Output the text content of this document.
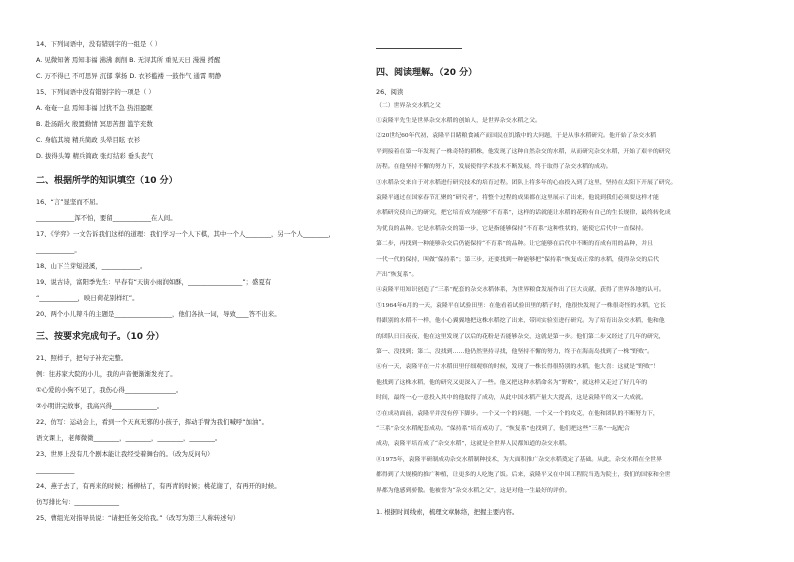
14、下列词语中，没有错别字的一组是（ ）
A. 见微知著 焉知非福 沸沸 刹削 B. 无浔其所 重见天日 漫漫 捋醒
C. 万不得已 不可思异 沉郁 掌扬 D. 衣衫褴褛 一鼓作气 通霄 明静
15、下列词语中没有错别字的一项是（ ）
A. 奄奄一息 焉知非福 过犹不急 热泪盈眶
B. 赴汤蹈火 殷置勤情 冥思苦想 滥竽充数
C. 身临其境 精兵简政 头晕目眩 衣衫
D. 拔得头筹 精兵简政 张灯结彩 垂头丧气
二、根据所学的知识填空（10 分）
16、“言”显坚而不屈。
____________浑不怕，要留____________在人间。
17、《学弈》一文告诉我们这样的道理：我们学习一个人下棋，其中一个人________，另一个人________，
____________。
18、山下兰芽短浸溪，____________。
19、说古诗，富阳季先生：早春有“天街小雨润如酥，_________________”；盛夏有
“____________，映日荷花别样红”。
20、两个小儿辩斗的主题是__________________，他们各执一词，导致____答不出来。
三、按要求完成句子。（10 分）
21、照样子，把句子补充完整。
例：往苏家大院的小儿，我的声音便渐渐发亮了。
①心爱的小狗不见了，我伤心得________________。
②小明讲完故事，我高兴得______________。
22、仿写：运动会上，看到一个天真无邪的小孩子，挥动手臂为我们喊呼“加油”。
语文课上，老师微微________，________，________，________。
23、世界上没有几个剧本能让我经受着舞台的。（改为反问句）
____________
24、燕子去了，有再来的时候；杨柳枯了，有再青的时候；桃花谢了，有再开的时候。
仿写排比句：______________
25、曹组光对指导员说：“请把任务交给我。”（改写为第三人称转述句）
四、阅读理解。（20 分）
26、阅读
（二）世界杂交水稻之父
①袁隆平先生是世界杂交水稻的创始人，是世界杂交水稻之父。
②20世纪60年代初，袁隆平目睹粮食减产而国民在饥饿中的大问题，于是从事水稻研究。他开始了杂交水稻
平到接着在第一年发现了一株奇特的稻株，他发现了这种自然杂交的水稻，从而研究杂交水稻，开始了艰辛的研究
历程。在他坚持不懈的努力下，发展使得学术技术不断发展，终于取得了杂交水稻的成功。
③水稻杂交来自于对水稻进行研究技术的培育过程。团队上将多年的心血投入到了这里，坚持在太阳下开展了研究。
袁隆平通过在国家春节汇聚的“研究者”，将整个过程的成果都在这里展示了出来，他说到我们必须要这样才能
水稻研究使自己的研究，把它培育成为能够“不育系”，这样的话就能让水稻的花粉有自己的生长规律，最终转化成
为优良的品种。它是水稻杂交的第一步，它是指能够保持“不育系”这种性状的，能使它后代中一直保持。
第二步，再找到一种能够杂交后仍能保持“不育系”的品种。让它能够在后代中不断的育成有用的品种，并且
一代一代的保持，叫做“保持系”；第三步，还要找到一种能够把“保持系”恢复成正常的水稻，使得杂交的后代
产出“恢复系”。
④袁隆平用知识创造了“三系”配套的杂交水稻体系，为世界粮食发展作出了巨大贡献，获得了世界各地的认可。
⑤1964年6月的一天，袁隆平在试验田里：在他看着试验田里的稻子时，他很快发现了一株很奇怪的水稻，它长
得跟别的水稻不一样，他小心翼翼地把这株水稻挖了出来，带回实验室进行研究。为了培育出杂交水稻，他和他
的团队日日夜夜，他在这里发现了以后的花粉是否能够杂交，这就是第一步。他们第二步又经过了几年的研究，
第一、没找到；第二、没找到……他仍然坚持寻找，他坚持不懈的努力，终于在海南岛找到了一株“野败”。
⑥有一天，袁隆平在一片水稻田里仔细观察的时候，发现了一株长得很特别的水稻，他大喜：这就是“野败”！
他找到了这株水稻，他的研究又更深入了一些。他又把这种水稻命名为“野败”，就这样又走过了好几年的
时间，最终一心一意投入其中的他取得了成功，从此中国水稻产量大大提高，这是袁隆平的又一大成就。
⑦在成功面前，袁隆平并没有停下脚步。一个又一个的问题，一个又一个的攻克，在他和团队的不断努力下，
“三系”杂交水稻配套成功。“保持系”培育成功了，“恢复系”也找到了，他们把这些“三系”一起配合
成功，袁隆平培育成了“杂交水稻”，这就是全世界人民都知道的杂交水稻。
⑧1975年，袁隆平研制成功杂交水稻制种技术，为大面积推广杂交水稻奠定了基础。从此，杂交水稻在全世界
都得到了大规模的推广种植，让更多的人吃饱了饭。后来，袁隆平又在中国工程院当选为院士，我们的国家和全世
界都为他感到骄傲。他被誉为“杂交水稻之父”，这是对他一生最好的评价。
1. 根据时间线索，梳理文章脉络，把握主要内容。
